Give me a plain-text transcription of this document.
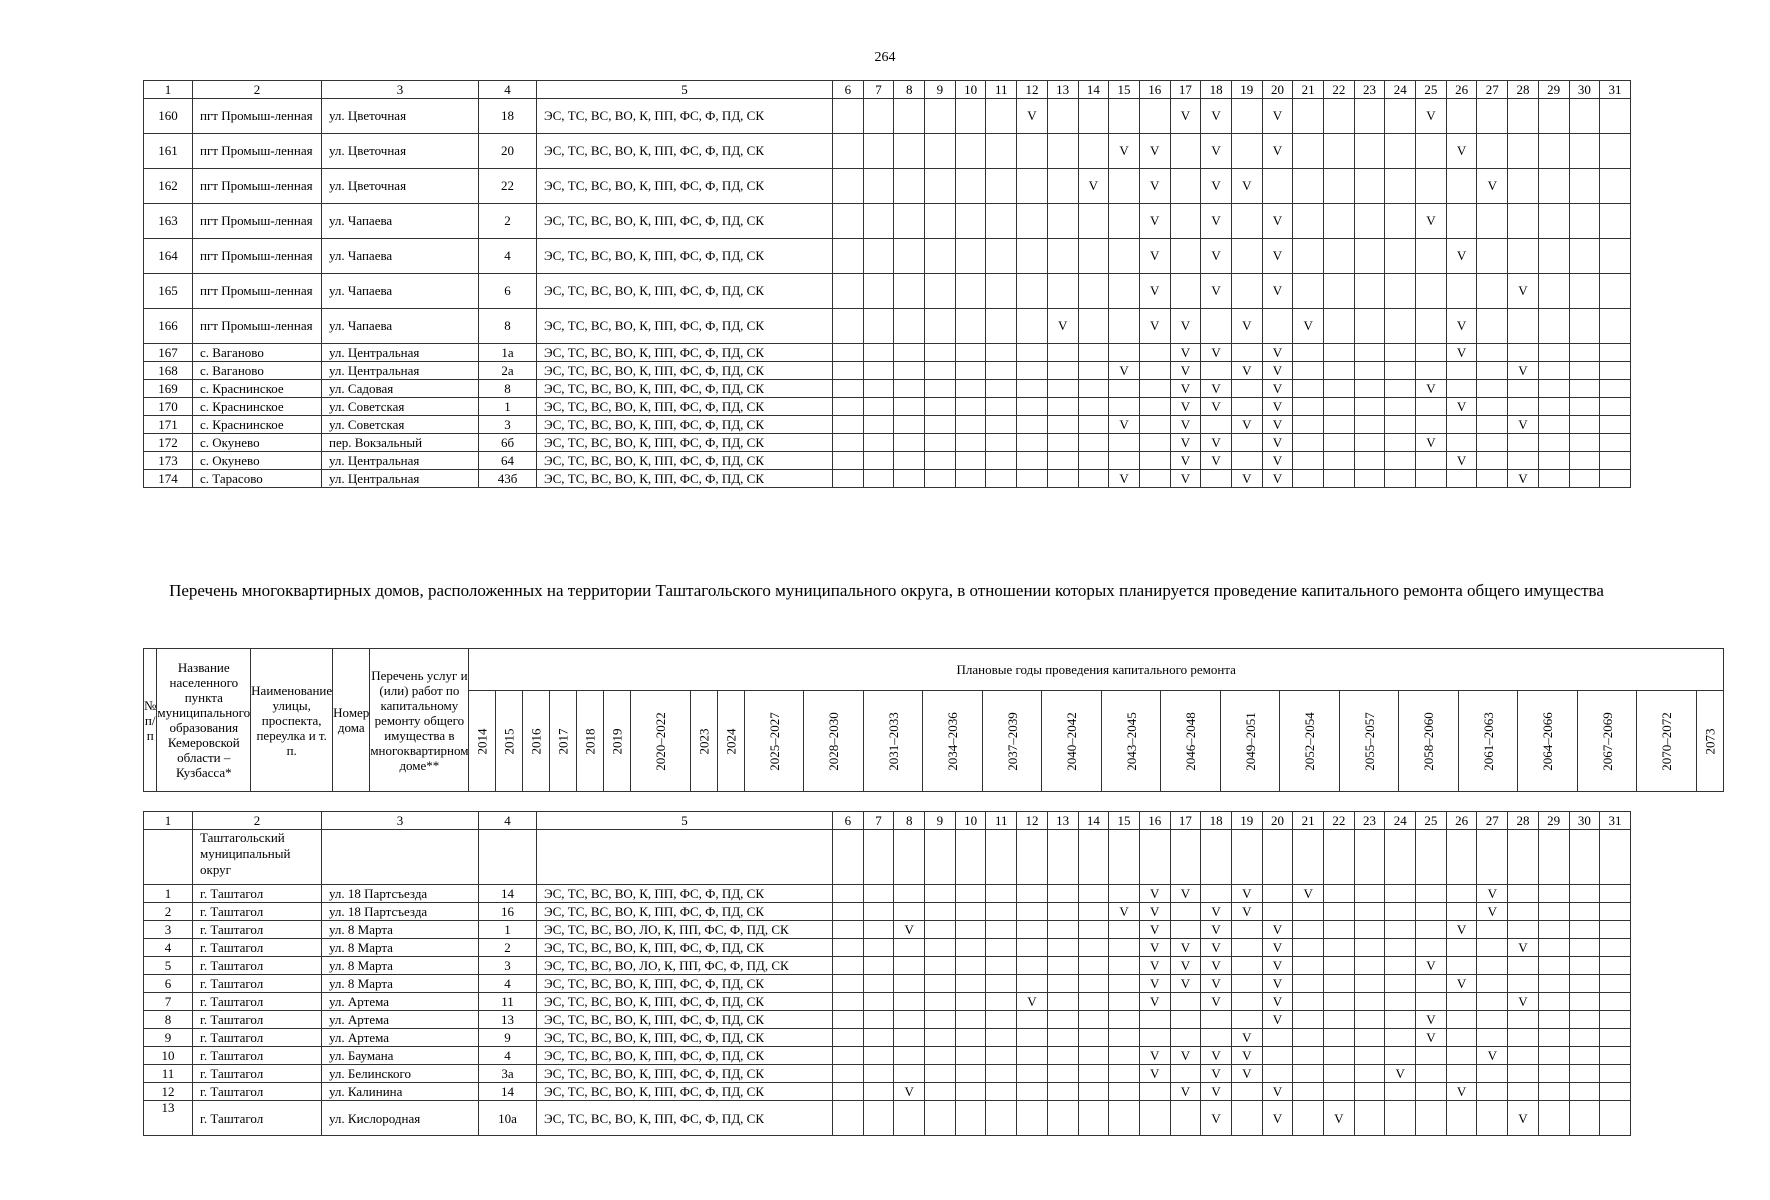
264
1	2	3	4	5	6	7	8	9	10	11	12	13	14	15	16	17	18	19	20	21	22	23	24	25	26	27	28	29	30	31
160	пгт Промыш-ленная	ул. Цветочная	18	ЭС, ТС, ВС, ВО, К, ПП, ФС, Ф, ПД, СК							V					V	V		V					V						
161	пгт Промыш-ленная	ул. Цветочная	20	ЭС, ТС, ВС, ВО, К, ПП, ФС, Ф, ПД, СК										V	V		V		V						V					
162	пгт Промыш-ленная	ул. Цветочная	22	ЭС, ТС, ВС, ВО, К, ПП, ФС, Ф, ПД, СК									V		V		V	V								V				
163	пгт Промыш-ленная	ул. Чапаева	2	ЭС, ТС, ВС, ВО, К, ПП, ФС, Ф, ПД, СК											V		V		V					V						
164	пгт Промыш-ленная	ул. Чапаева	4	ЭС, ТС, ВС, ВО, К, ПП, ФС, Ф, ПД, СК											V		V		V						V					
165	пгт Промыш-ленная	ул. Чапаева	6	ЭС, ТС, ВС, ВО, К, ПП, ФС, Ф, ПД, СК											V		V		V								V			
166	пгт Промыш-ленная	ул. Чапаева	8	ЭС, ТС, ВС, ВО, К, ПП, ФС, Ф, ПД, СК								V			V	V		V		V					V					
167	с. Ваганово	ул. Центральная	1а	ЭС, ТС, ВС, ВО, К, ПП, ФС, Ф, ПД, СК												V	V		V						V					
168	с. Ваганово	ул. Центральная	2а	ЭС, ТС, ВС, ВО, К, ПП, ФС, Ф, ПД, СК										V		V		V	V								V			
169	с. Краснинское	ул. Садовая	8	ЭС, ТС, ВС, ВО, К, ПП, ФС, Ф, ПД, СК												V	V		V					V						
170	с. Краснинское	ул. Советская	1	ЭС, ТС, ВС, ВО, К, ПП, ФС, Ф, ПД, СК												V	V		V						V					
171	с. Краснинское	ул. Советская	3	ЭС, ТС, ВС, ВО, К, ПП, ФС, Ф, ПД, СК										V		V		V	V								V			
172	с. Окунево	пер. Вокзальный	6б	ЭС, ТС, ВС, ВО, К, ПП, ФС, Ф, ПД, СК												V	V		V					V						
173	с. Окунево	ул. Центральная	64	ЭС, ТС, ВС, ВО, К, ПП, ФС, Ф, ПД, СК												V	V		V						V					
174	с. Тарасово	ул. Центральная	43б	ЭС, ТС, ВС, ВО, К, ПП, ФС, Ф, ПД, СК										V		V		V	V								V			
Перечень многоквартирных домов, расположенных на территории Таштагольского муниципального округа, в отношении которых планируется проведение капитального ремонта общего имущества
№ п/п	Название населенного пункта муниципального образования Кемеровской области – Кузбасса*	Наименование улицы, проспекта, переулка и т. п.	Номер дома	Перечень услуг и (или) работ по капитальному ремонту общего имущества в многоквартирном доме**	Плановые годы проведения капитального ремонта																									
					2014	2015	2016	2017	2018	2019	2020–2022	2023	2024	2025–2027	2028–2030	2031–2033	2034–2036	2037–2039	2040–2042	2043–2045	2046–2048	2049–2051	2052–2054	2055–2057	2058–2060	2061–2063	2064–2066	2067–2069	2070–2072	2073
1	2	3	4	5	6	7	8	9	10	11	12	13	14	15	16	17	18	19	20	21	22	23	24	25	26	27	28	29	30	31
	Таштагольский муниципальный округ																													
1	г. Таштагол	ул. 18 Партсъезда	14	ЭС, ТС, ВС, ВО, К, ПП, ФС, Ф, ПД, СК											V	V		V		V						V				
2	г. Таштагол	ул. 18 Партсъезда	16	ЭС, ТС, ВС, ВО, К, ПП, ФС, Ф, ПД, СК										V	V		V	V								V				
3	г. Таштагол	ул. 8 Марта	1	ЭС, ТС, ВС, ВО, ЛО, К, ПП, ФС, Ф, ПД, СК			V								V		V		V						V					
4	г. Таштагол	ул. 8 Марта	2	ЭС, ТС, ВС, ВО, К, ПП, ФС, Ф, ПД, СК											V	V	V		V								V			
5	г. Таштагол	ул. 8 Марта	3	ЭС, ТС, ВС, ВО, ЛО, К, ПП, ФС, Ф, ПД, СК											V	V	V		V					V						
6	г. Таштагол	ул. 8 Марта	4	ЭС, ТС, ВС, ВО, К, ПП, ФС, Ф, ПД, СК											V	V	V		V						V					
7	г. Таштагол	ул. Артема	11	ЭС, ТС, ВС, ВО, К, ПП, ФС, Ф, ПД, СК							V				V		V		V								V			
8	г. Таштагол	ул. Артема	13	ЭС, ТС, ВС, ВО, К, ПП, ФС, Ф, ПД, СК															V					V						
9	г. Таштагол	ул. Артема	9	ЭС, ТС, ВС, ВО, К, ПП, ФС, Ф, ПД, СК														V						V						
10	г. Таштагол	ул. Баумана	4	ЭС, ТС, ВС, ВО, К, ПП, ФС, Ф, ПД, СК											V	V	V	V								V				
11	г. Таштагол	ул. Белинского	3а	ЭС, ТС, ВС, ВО, К, ПП, ФС, Ф, ПД, СК											V		V	V					V							
12	г. Таштагол	ул. Калинина	14	ЭС, ТС, ВС, ВО, К, ПП, ФС, Ф, ПД, СК			V									V	V		V						V					
13	г. Таштагол	ул. Кислородная	10а	ЭС, ТС, ВС, ВО, К, ПП, ФС, Ф, ПД, СК													V		V		V						V			
